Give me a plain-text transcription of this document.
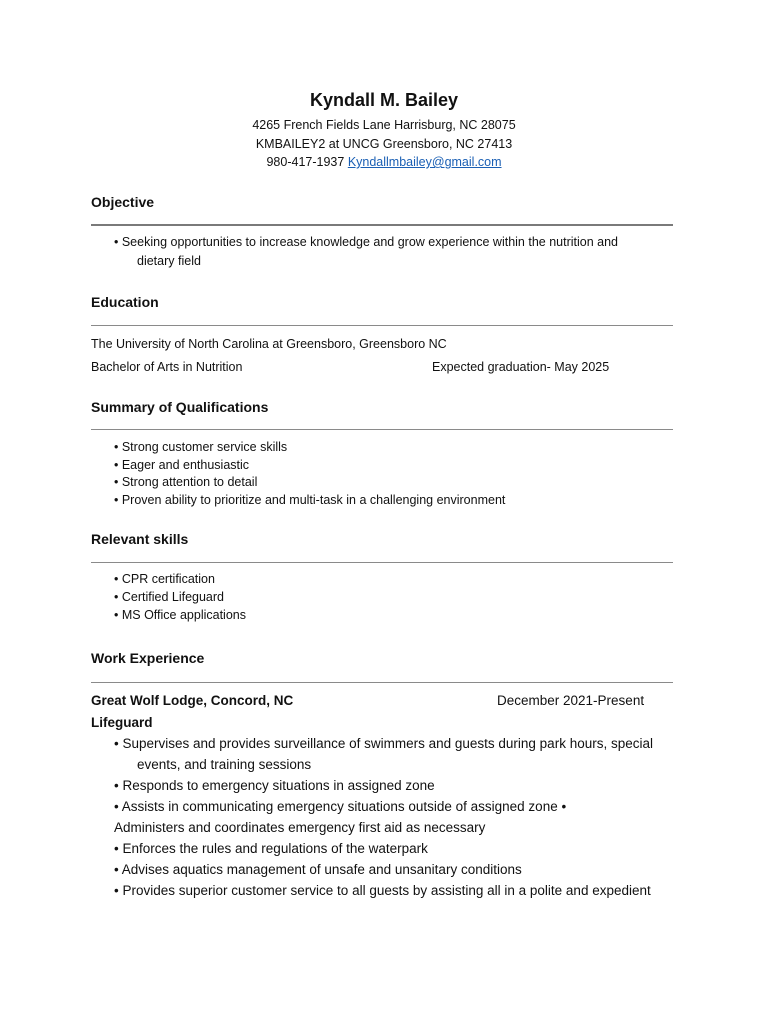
Kyndall M. Bailey
4265 French Fields Lane Harrisburg, NC 28075
KMBAILEY2 at UNCG Greensboro, NC 27413
980-417-1937 Kyndallmbailey@gmail.com
Objective
• Seeking opportunities to increase knowledge and grow experience within the nutrition and
dietary field
Education
The University of North Carolina at Greensboro, Greensboro NC
Bachelor of Arts in Nutrition	Expected graduation- May 2025
Summary of Qualifications
• Strong customer service skills
• Eager and enthusiastic
• Strong attention to detail
• Proven ability to prioritize and multi-task in a challenging environment
Relevant skills
• CPR certification
• Certified Lifeguard
• MS Office applications
Work Experience
Great Wolf Lodge, Concord, NC	December 2021-Present
Lifeguard
• Supervises and provides surveillance of swimmers and guests during park hours, special
events, and training sessions
• Responds to emergency situations in assigned zone
• Assists in communicating emergency situations outside of assigned zone •
Administers and coordinates emergency first aid as necessary
• Enforces the rules and regulations of the waterpark
• Advises aquatics management of unsafe and unsanitary conditions
• Provides superior customer service to all guests by assisting all in a polite and expedient
